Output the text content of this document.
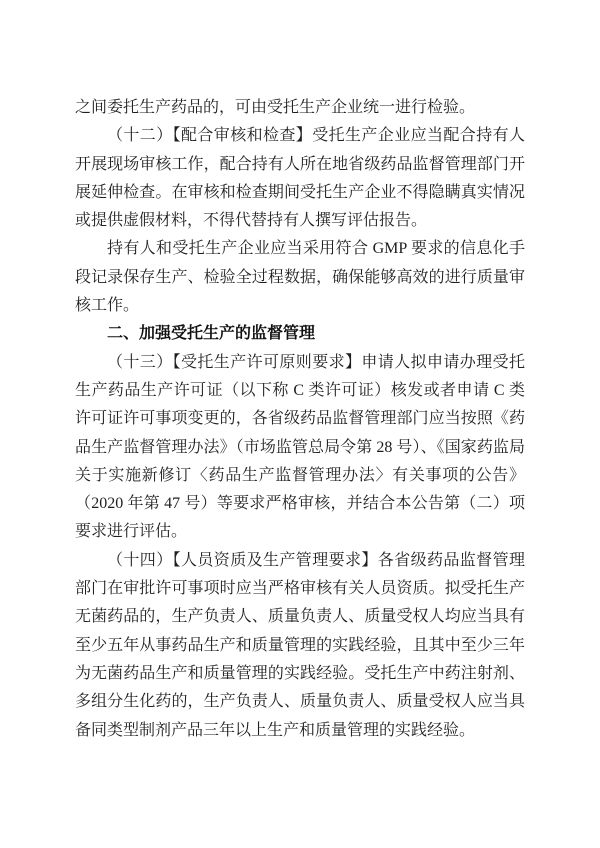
之间委托生产药品的，可由受托生产企业统一进行检验。

（十二）【配合审核和检查】受托生产企业应当配合持有人开展现场审核工作，配合持有人所在地省级药品监督管理部门开展延伸检查。在审核和检查期间受托生产企业不得隐瞒真实情况或提供虚假材料，不得代替持有人撰写评估报告。

持有人和受托生产企业应当采用符合 GMP 要求的信息化手段记录保存生产、检验全过程数据，确保能够高效的进行质量审核工作。

二、加强受托生产的监督管理

（十三）【受托生产许可原则要求】申请人拟申请办理受托生产药品生产许可证（以下称 C 类许可证）核发或者申请 C 类许可证许可事项变更的，各省级药品监督管理部门应当按照《药品生产监督管理办法》（市场监管总局令第 28 号）、《国家药监局关于实施新修订〈药品生产监督管理办法〉有关事项的公告》（2020 年第 47 号）等要求严格审核，并结合本公告第（二）项要求进行评估。

（十四）【人员资质及生产管理要求】各省级药品监督管理部门在审批许可事项时应当严格审核有关人员资质。拟受托生产无菌药品的，生产负责人、质量负责人、质量受权人均应当具有至少五年从事药品生产和质量管理的实践经验，且其中至少三年为无菌药品生产和质量管理的实践经验。受托生产中药注射剂、多组分生化药的，生产负责人、质量负责人、质量受权人应当具备同类型制剂产品三年以上生产和质量管理的实践经验。
